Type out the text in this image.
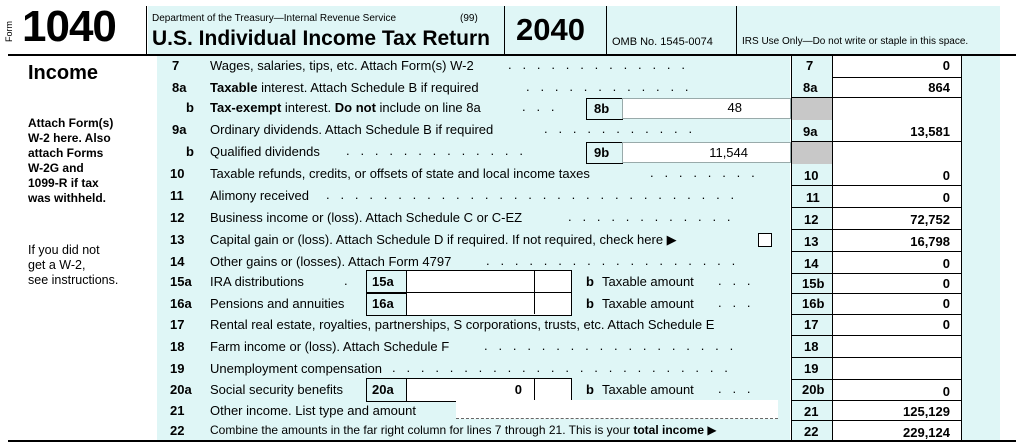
Form 1040	Department of the Treasury—Internal Revenue Service	(99)
U.S. Individual Income Tax Return 2040 OMB No. 1545-0074	IRS Use Only—Do not write or staple in this space.
Income
Attach Form(s)
W-2 here. Also
attach Forms
W-2G and
1099-R if tax
was withheld.
If you did not
get a W-2,
see instructions.
7 Wages, salaries, tips, etc. Attach Form(s) W-2	.   .   .   .   .   .   .   .   .   .   .   .   .	7	0
8a Taxable interest. Attach Schedule B if required	.   .   .   .   .   .   .   .   .   .   .   .	8a	864
b Tax-exempt interest. Do not include on line 8a	.   .   .	8b	48
9a Ordinary dividends. Attach Schedule B if required	.   .   .   .   .   .   .   .   .   .   .	9a	13,581
b Qualified dividends .   .   .   .   .   .   .   .   .   .   .   .   .	9b	11,544
10 Taxable refunds, credits, or offsets of state and local income taxes	.   .   .   .   .   .   .   .	10	0
11 Alimony received .   .   .   .   .   .   .   .   .   .   .   .   .   .   .   .   .   .   .   .   .   .   .   .   .   .   .   .   .	11	0
12 Business income or (loss). Attach Schedule C or C-EZ	.   .   .   .   .   .   .   .   .   .   .   .	12	72,752
13 Capital gain or (loss). Attach Schedule D if required. If not required, check here ▶	13	16,798
14 Other gains or (losses). Attach Form 4797	.   .   .   .   .   .   .   .   .   .   .   .   .   .   .   .   .   .	14	0
15a IRA distributions	. 15a	b Taxable amount .   .   .	15b	0
16a Pensions and annuities 16a	b Taxable amount .   .   .	16b	0
17 Rental real estate, royalties, partnerships, S corporations, trusts, etc. Attach Schedule E	17	0
18 Farm income or (loss). Attach Schedule F	.   .   .   .   .   .   .   .   .   .   .   .   .   .   .   .   .   .	18
19 Unemployment compensation .   .   .   .   .   .   .   .   .   .   .   .   .   .   .   .   .   .   .   .   .   .   .   .	19
20a Social security benefits 20a	0	b Taxable amount .   .   .	20b	0
21 Other income. List type and amount	21	125,129
22 Combine the amounts in the far right column for lines 7 through 21. This is your total income ▶	22	229,124
